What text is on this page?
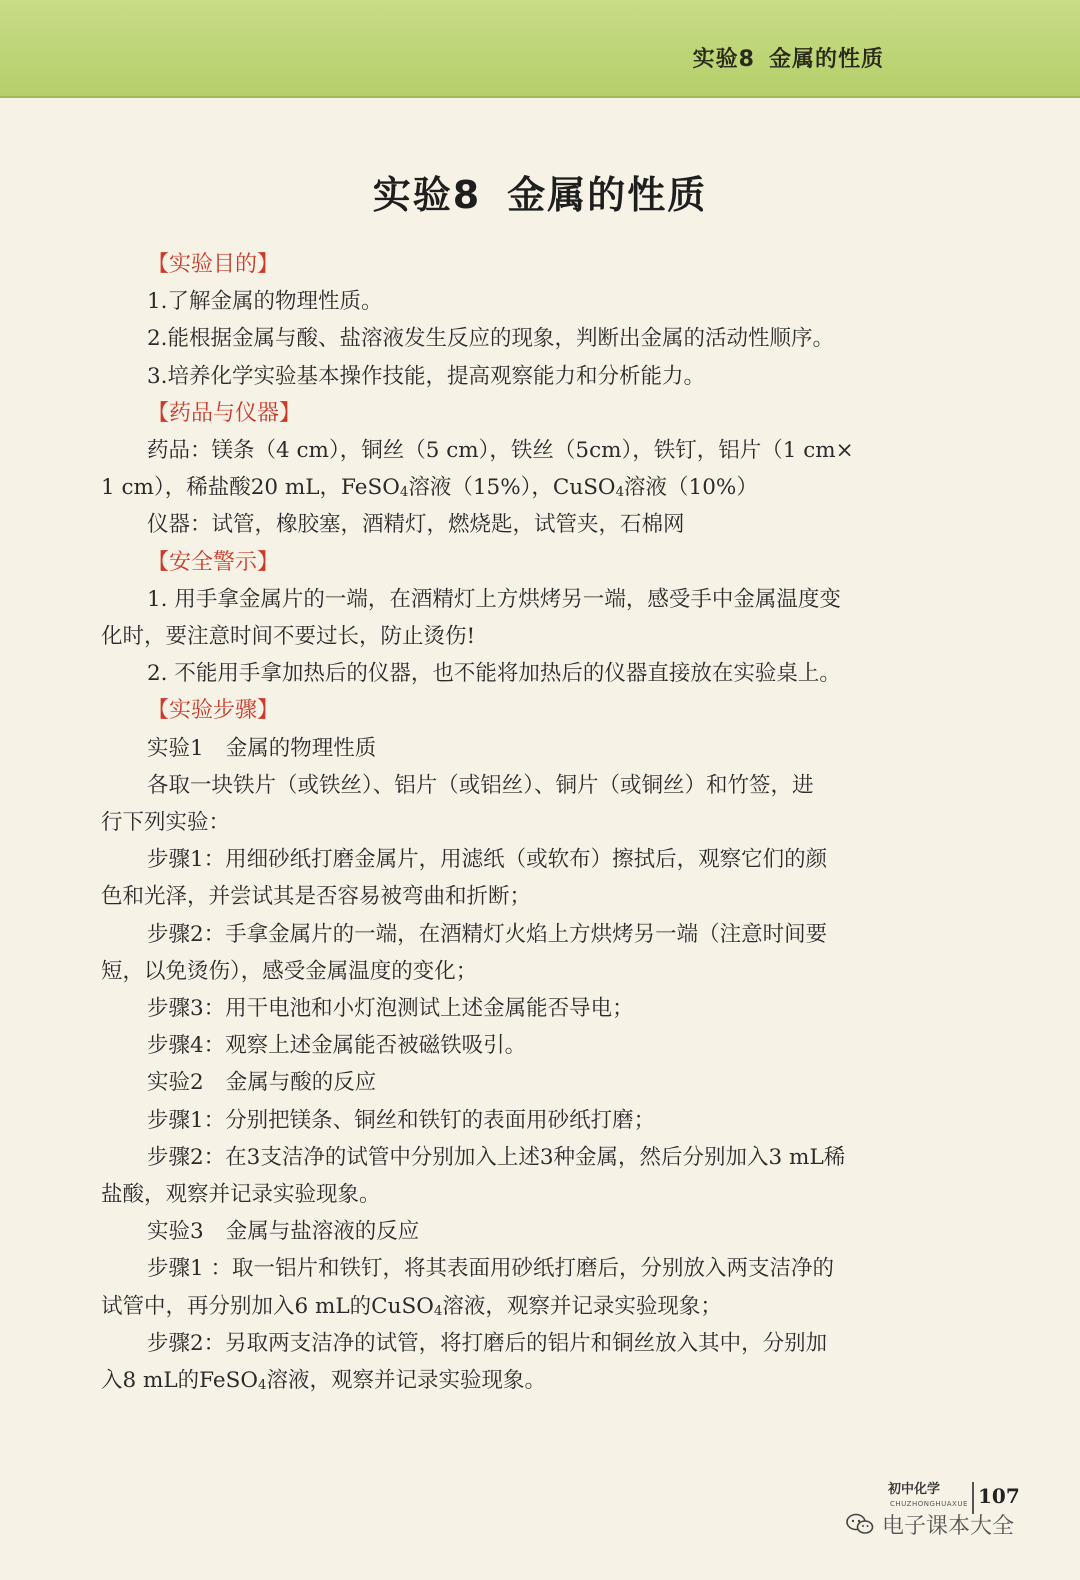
实验8 金属的性质
实验8 金属的性质
【实验目的】

1.了解金属的物理性质。

2.能根据金属与酸、盐溶液发生反应的现象，判断出金属的活动性顺序。

3.培养化学实验基本操作技能，提高观察能力和分析能力。

【药品与仪器】

药品：镁条（4 cm），铜丝（5 cm），铁丝（5cm），铁钉，铝片（1 cm×

1 cm），稀盐酸20 mL，FeSO$_4$溶液（15%），CuSO$_4$溶液（10%）

仪器：试管，橡胶塞，酒精灯，燃烧匙，试管夹，石棉网

【安全警示】

1. 用手拿金属片的一端，在酒精灯上方烘烤另一端，感受手中金属温度变

化时，要注意时间不要过长，防止烫伤!

2. 不能用手拿加热后的仪器，也不能将加热后的仪器直接放在实验桌上。

【实验步骤】

实验1 金属的物理性质

各取一块铁片（或铁丝）、铝片（或铝丝）、铜片（或铜丝）和竹签，进

行下列实验：

步骤1：用细砂纸打磨金属片，用滤纸（或软布）擦拭后，观察它们的颜

色和光泽，并尝试其是否容易被弯曲和折断；

步骤2：手拿金属片的一端，在酒精灯火焰上方烘烤另一端（注意时间要

短，以免烫伤），感受金属温度的变化；

步骤3：用干电池和小灯泡测试上述金属能否导电；

步骤4：观察上述金属能否被磁铁吸引。

实验2 金属与酸的反应

步骤1：分别把镁条、铜丝和铁钉的表面用砂纸打磨；

步骤2：在3支洁净的试管中分别加入上述3种金属，然后分别加入3 mL稀

盐酸，观察并记录实验现象。

实验3 金属与盐溶液的反应

步骤1 ：取一铝片和铁钉，将其表面用砂纸打磨后，分别放入两支洁净的

试管中，再分别加入6 mL的CuSO$_4$溶液，观察并记录实验现象；

步骤2：另取两支洁净的试管，将打磨后的铝片和铜丝放入其中，分别加

入8 mL的FeSO$_4$溶液，观察并记录实验现象。

初中化学
CHUZHONGHUAXUE 107
电子课本大全
